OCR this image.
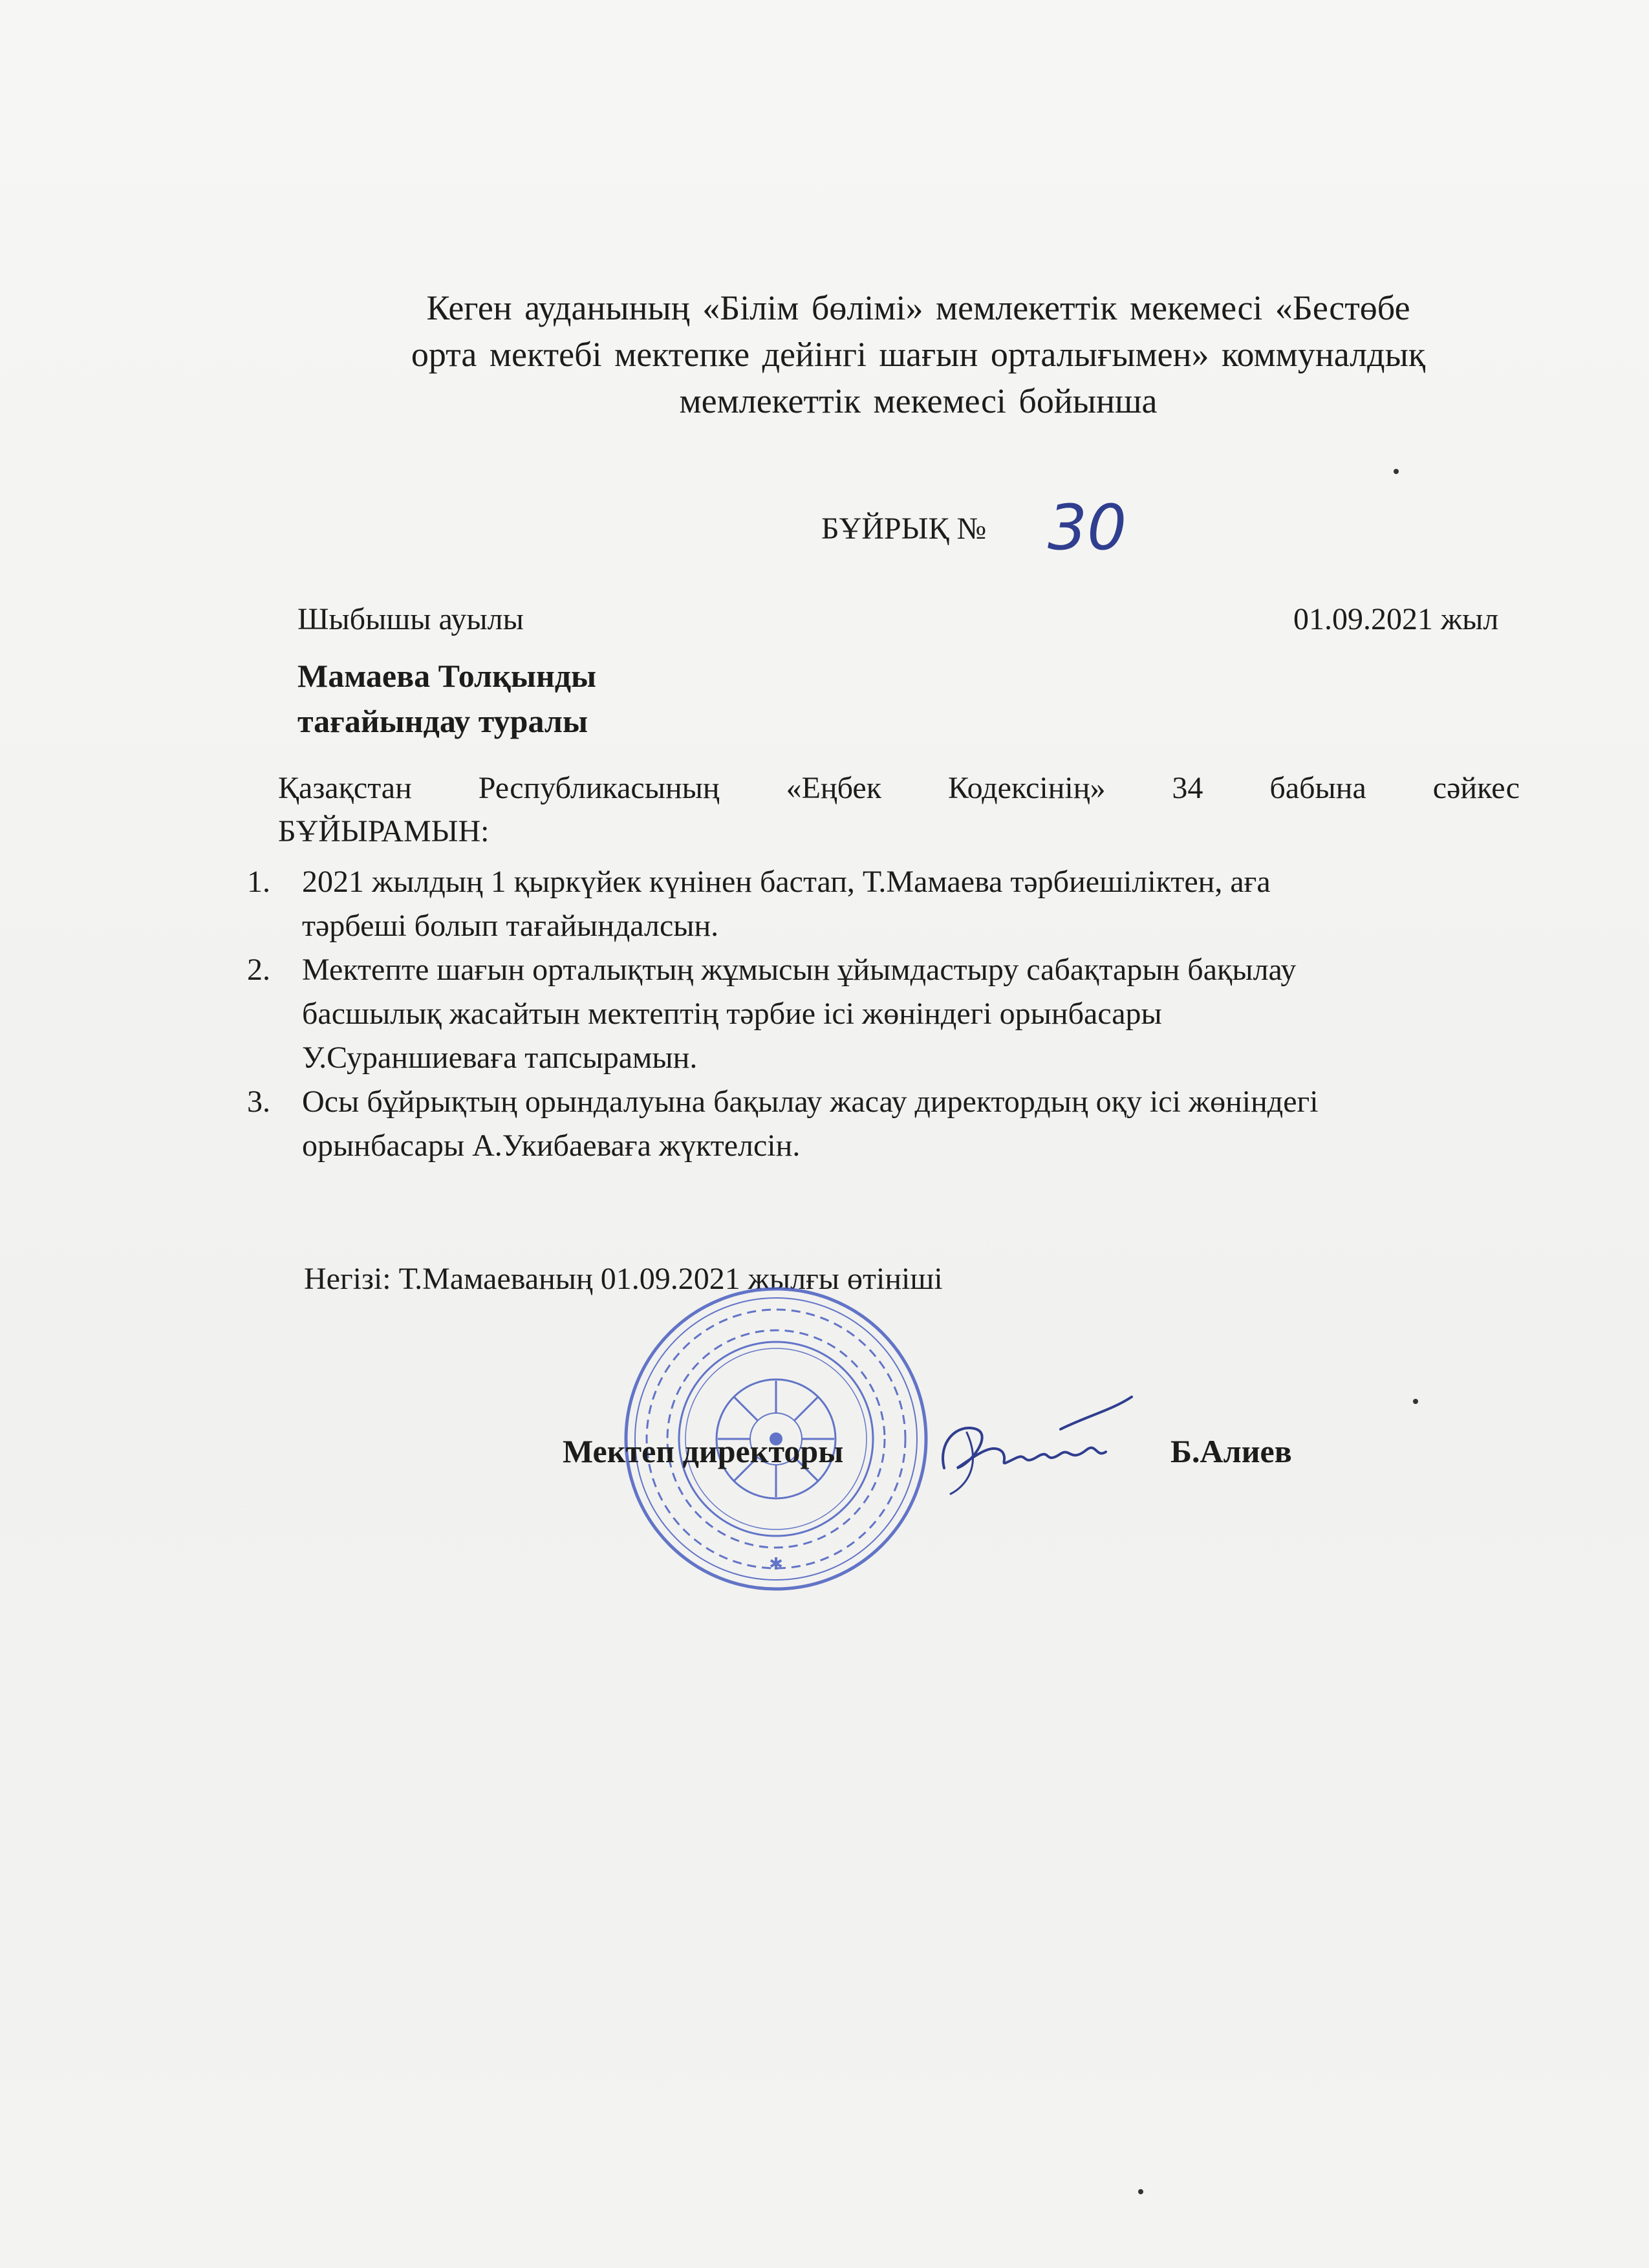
Кеген ауданының «Білім бөлімі» мемлекеттік мекемесі «Бестөбе

орта мектебі мектепке дейінгі шағын орталығымен» коммуналдық

мемлекеттік мекемесі бойынша

БҰЙРЫҚ № 30
Шыбышы ауылы	01.09.2021 жыл

Мамаева Толқынды

тағайындау туралы

Қазақстан Республикасының «Еңбек Кодексінің» 34 бабына сәйкес
БҰЙЫРАМЫН:
1. 2021 жылдың 1 қыркүйек күнінен бастап, Т.Мамаева тәрбиешіліктен, аға
тәрбеші болып тағайындалсын.
2. Мектепте шағын орталықтың жұмысын ұйымдастыру сабақтарын бақылау
басшылық жасайтын мектептің тәрбие ісі жөніндегі орынбасары
У.Сураншиеваға тапсырамын.
3. Осы бұйрықтың орындалуына бақылау жасау директордың оқу ісі жөніндегі
орынбасары А.Укибаеваға жүктелсін.
Негізі: Т.Мамаеваның 01.09.2021 жылғы өтініші
✱
Мектеп директоры	Б.Алиев
